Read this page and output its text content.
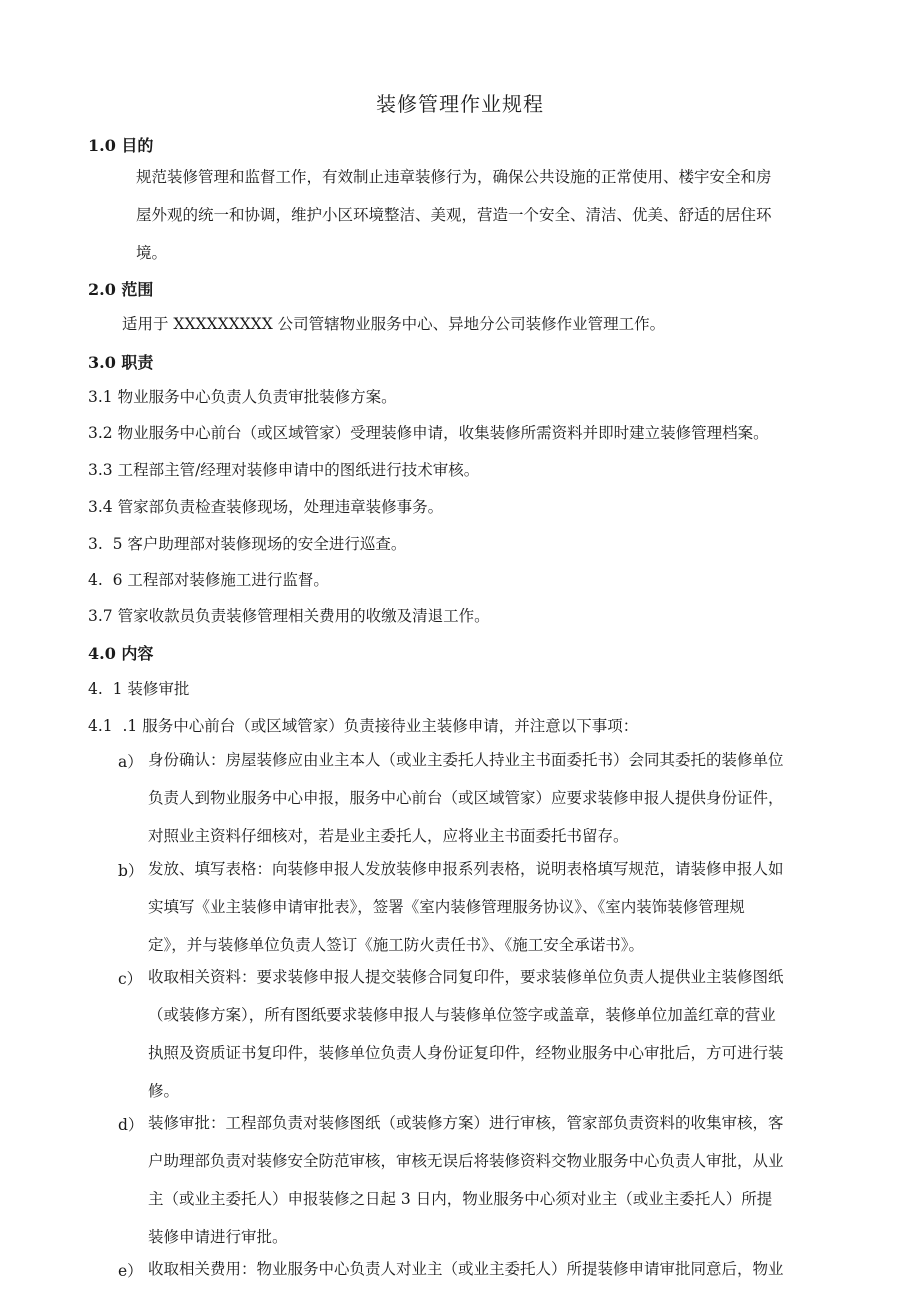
装修管理作业规程
1.0 目的
规范装修管理和监督工作，有效制止违章装修行为，确保公共设施的正常使用、楼宇安全和房
屋外观的统一和协调，维护小区环境整洁、美观，营造一个安全、清洁、优美、舒适的居住环
境。
2.0 范围
适用于 XXXXXXXXX 公司管辖物业服务中心、异地分公司装修作业管理工作。
3.0 职责
3.1 物业服务中心负责人负责审批装修方案。
3.2 物业服务中心前台（或区域管家）受理装修申请，收集装修所需资料并即时建立装修管理档案。
3.3 工程部主管/经理对装修申请中的图纸进行技术审核。
3.4 管家部负责检查装修现场，处理违章装修事务。
3.  5 客户助理部对装修现场的安全进行巡查。
4.  6 工程部对装修施工进行监督。
3.7 管家收款员负责装修管理相关费用的收缴及清退工作。
4.0 内容
4.  1 装修审批
4.1  .1 服务中心前台（或区域管家）负责接待业主装修申请，并注意以下事项：
a） 身份确认：房屋装修应由业主本人（或业主委托人持业主书面委托书）会同其委托的装修单位
负责人到物业服务中心申报，服务中心前台（或区域管家）应要求装修申报人提供身份证件，
对照业主资料仔细核对，若是业主委托人，应将业主书面委托书留存。
b） 发放、填写表格：向装修申报人发放装修申报系列表格，说明表格填写规范，请装修申报人如
实填写《业主装修申请审批表》，签署《室内装修管理服务协议》、《室内装饰装修管理规
定》，并与装修单位负责人签订《施工防火责任书》、《施工安全承诺书》。
c） 收取相关资料：要求装修申报人提交装修合同复印件，要求装修单位负责人提供业主装修图纸
（或装修方案），所有图纸要求装修申报人与装修单位签字或盖章，装修单位加盖红章的营业
执照及资质证书复印件，装修单位负责人身份证复印件，经物业服务中心审批后，方可进行装
修。
d） 装修审批：工程部负责对装修图纸（或装修方案）进行审核，管家部负责资料的收集审核，客
户助理部负责对装修安全防范审核，审核无误后将装修资料交物业服务中心负责人审批，从业
主（或业主委托人）申报装修之日起 3 日内，物业服务中心须对业主（或业主委托人）所提
装修申请进行审批。
e） 收取相关费用：物业服务中心负责人对业主（或业主委托人）所提装修申请审批同意后，物业
